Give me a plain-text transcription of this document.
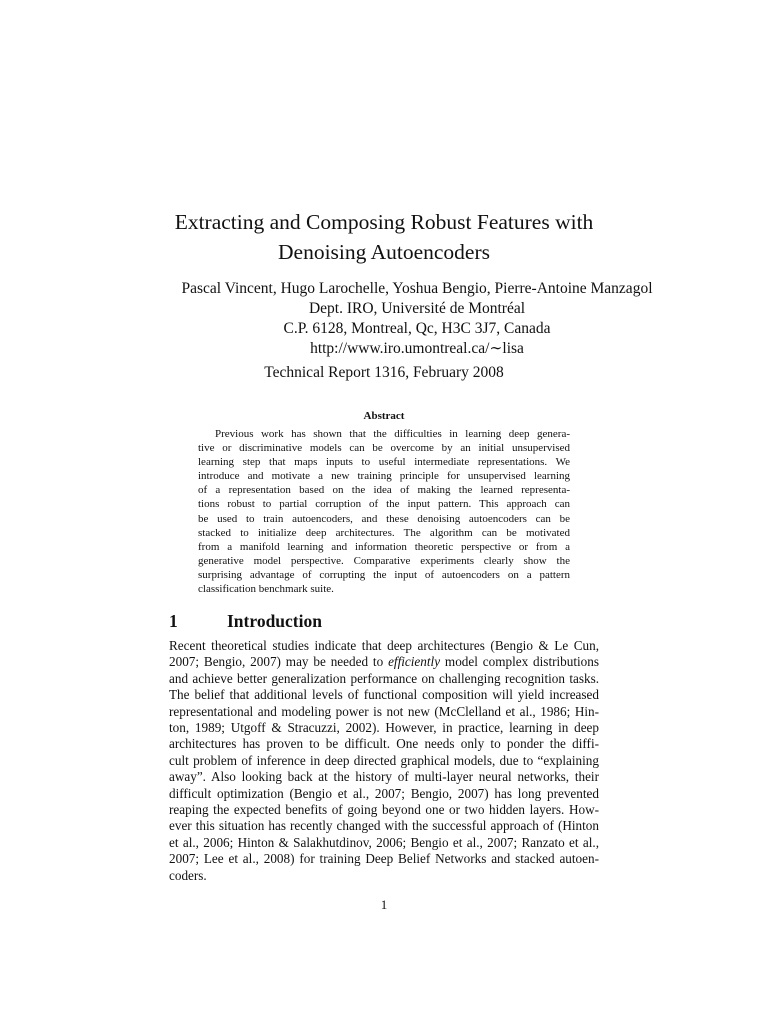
Extracting and Composing Robust Features with
Denoising Autoencoders
Pascal Vincent, Hugo Larochelle, Yoshua Bengio, Pierre-Antoine Manzagol
Dept. IRO, Université de Montréal
C.P. 6128, Montreal, Qc, H3C 3J7, Canada
http://www.iro.umontreal.ca/∼lisa
Technical Report 1316, February 2008
Abstract
Previous work has shown that the difficulties in learning deep genera-
tive or discriminative models can be overcome by an initial unsupervised
learning step that maps inputs to useful intermediate representations. We
introduce and motivate a new training principle for unsupervised learning
of a representation based on the idea of making the learned representa-
tions robust to partial corruption of the input pattern. This approach can
be used to train autoencoders, and these denoising autoencoders can be
stacked to initialize deep architectures. The algorithm can be motivated
from a manifold learning and information theoretic perspective or from a
generative model perspective. Comparative experiments clearly show the
surprising advantage of corrupting the input of autoencoders on a pattern
classification benchmark suite.
1	Introduction
Recent theoretical studies indicate that deep architectures (Bengio & Le Cun,
2007; Bengio, 2007) may be needed to efficiently model complex distributions
and achieve better generalization performance on challenging recognition tasks.
The belief that additional levels of functional composition will yield increased
representational and modeling power is not new (McClelland et al., 1986; Hin-
ton, 1989; Utgoff & Stracuzzi, 2002). However, in practice, learning in deep
architectures has proven to be difficult. One needs only to ponder the diffi-
cult problem of inference in deep directed graphical models, due to “explaining
away”. Also looking back at the history of multi-layer neural networks, their
difficult optimization (Bengio et al., 2007; Bengio, 2007) has long prevented
reaping the expected benefits of going beyond one or two hidden layers. How-
ever this situation has recently changed with the successful approach of (Hinton
et al., 2006; Hinton & Salakhutdinov, 2006; Bengio et al., 2007; Ranzato et al.,
2007; Lee et al., 2008) for training Deep Belief Networks and stacked autoen-
coders.
1
